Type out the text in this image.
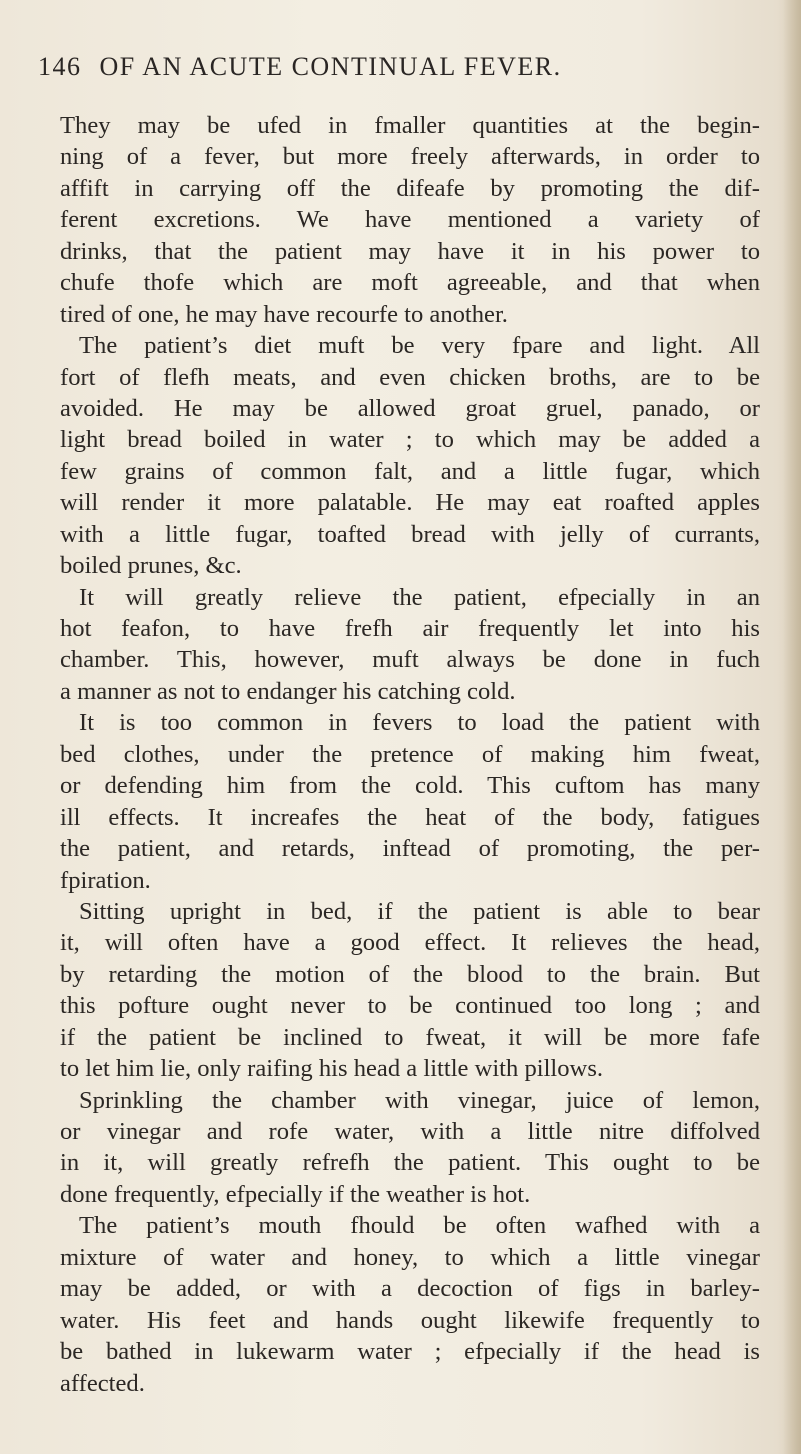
146 OF AN ACUTE CONTINUAL FEVER.
They may be ufed in fmaller quantities at the begin-
ning of a fever, but more freely afterwards, in order to
affift in carrying off the difeafe by promoting the dif-
ferent excretions. We have mentioned a variety of
drinks, that the patient may have it in his power to
chufe thofe which are moft agreeable, and that when
tired of one, he may have recourfe to another.
The patient’s diet muft be very fpare and light. All
fort of flefh meats, and even chicken broths, are to be
avoided. He may be allowed groat gruel, panado, or
light bread boiled in water ; to which may be added a
few grains of common falt, and a little fugar, which
will render it more palatable. He may eat roafted apples
with a little fugar, toafted bread with jelly of currants,
boiled prunes, &c.
It will greatly relieve the patient, efpecially in an
hot feafon, to have frefh air frequently let into his
chamber. This, however, muft always be done in fuch
a manner as not to endanger his catching cold.
It is too common in fevers to load the patient with
bed clothes, under the pretence of making him fweat,
or defending him from the cold. This cuftom has many
ill effects. It increafes the heat of the body, fatigues
the patient, and retards, inftead of promoting, the per-
fpiration.
Sitting upright in bed, if the patient is able to bear
it, will often have a good effect. It relieves the head,
by retarding the motion of the blood to the brain. But
this pofture ought never to be continued too long ; and
if the patient be inclined to fweat, it will be more fafe
to let him lie, only raifing his head a little with pillows.
Sprinkling the chamber with vinegar, juice of lemon,
or vinegar and rofe water, with a little nitre diffolved
in it, will greatly refrefh the patient. This ought to be
done frequently, efpecially if the weather is hot.
The patient’s mouth fhould be often wafhed with a
mixture of water and honey, to which a little vinegar
may be added, or with a decoction of figs in barley-
water. His feet and hands ought likewife frequently to
be bathed in lukewarm water ; efpecially if the head is
affected.
